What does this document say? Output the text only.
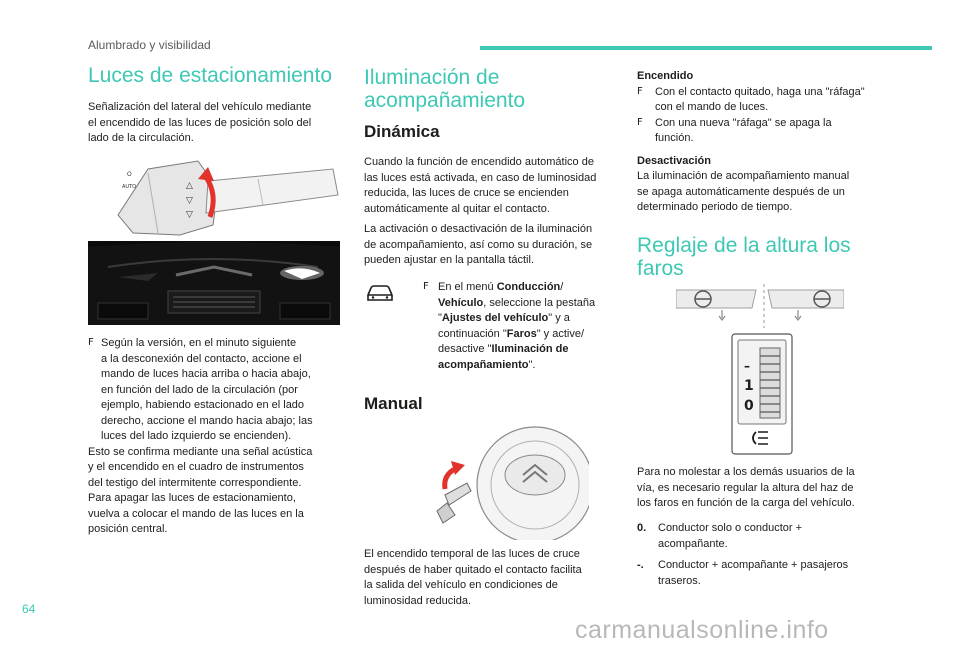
Alumbrado y visibilidad
64
carmanualsonline.info
Luces de estacionamiento

Señalización del lateral del vehículo mediante

el encendido de las luces de posición solo del

lado de la circulación.

O
AUTO	△
▽
▽
F Según la versión, en el minuto siguiente

a la desconexión del contacto, accione el

mando de luces hacia arriba o hacia abajo,

en función del lado de la circulación (por

ejemplo, habiendo estacionado en el lado

derecho, accione el mando hacia abajo; las

luces del lado izquierdo se encienden).

Esto se confirma mediante una señal acústica

y el encendido en el cuadro de instrumentos

del testigo del intermitente correspondiente.

Para apagar las luces de estacionamiento,

vuelva a colocar el mando de las luces en la

posición central.

Iluminación de
acompañamiento
Dinámica

Cuando la función de encendido automático de

las luces está activada, en caso de luminosidad

reducida, las luces de cruce se encienden

automáticamente al quitar el contacto.

La activación o desactivación de la iluminación

de acompañamiento, así como su duración, se

pueden ajustar en la pantalla táctil.

F En el menú Conducción/
Vehículo, seleccione la pestaña
"Ajustes del vehículo" y a
continuación "Faros" y active/
desactive "Iluminación de
acompañamiento".
Manual

El encendido temporal de las luces de cruce

después de haber quitado el contacto facilita

la salida del vehículo en condiciones de

luminosidad reducida.

Encendido

F Con el contacto quitado, haga una "ráfaga"

con el mando de luces.

F Con una nueva "ráfaga" se apaga la

función.

Desactivación

La iluminación de acompañamiento manual

se apaga automáticamente después de un

determinado periodo de tiempo.

Reglaje de la altura los
faros
–
1
0

Para no molestar a los demás usuarios de la

vía, es necesario regular la altura del haz de

los faros en función de la carga del vehículo.

0. Conductor solo o conductor +

acompañante.

-. Conductor + acompañante + pasajeros

traseros.
